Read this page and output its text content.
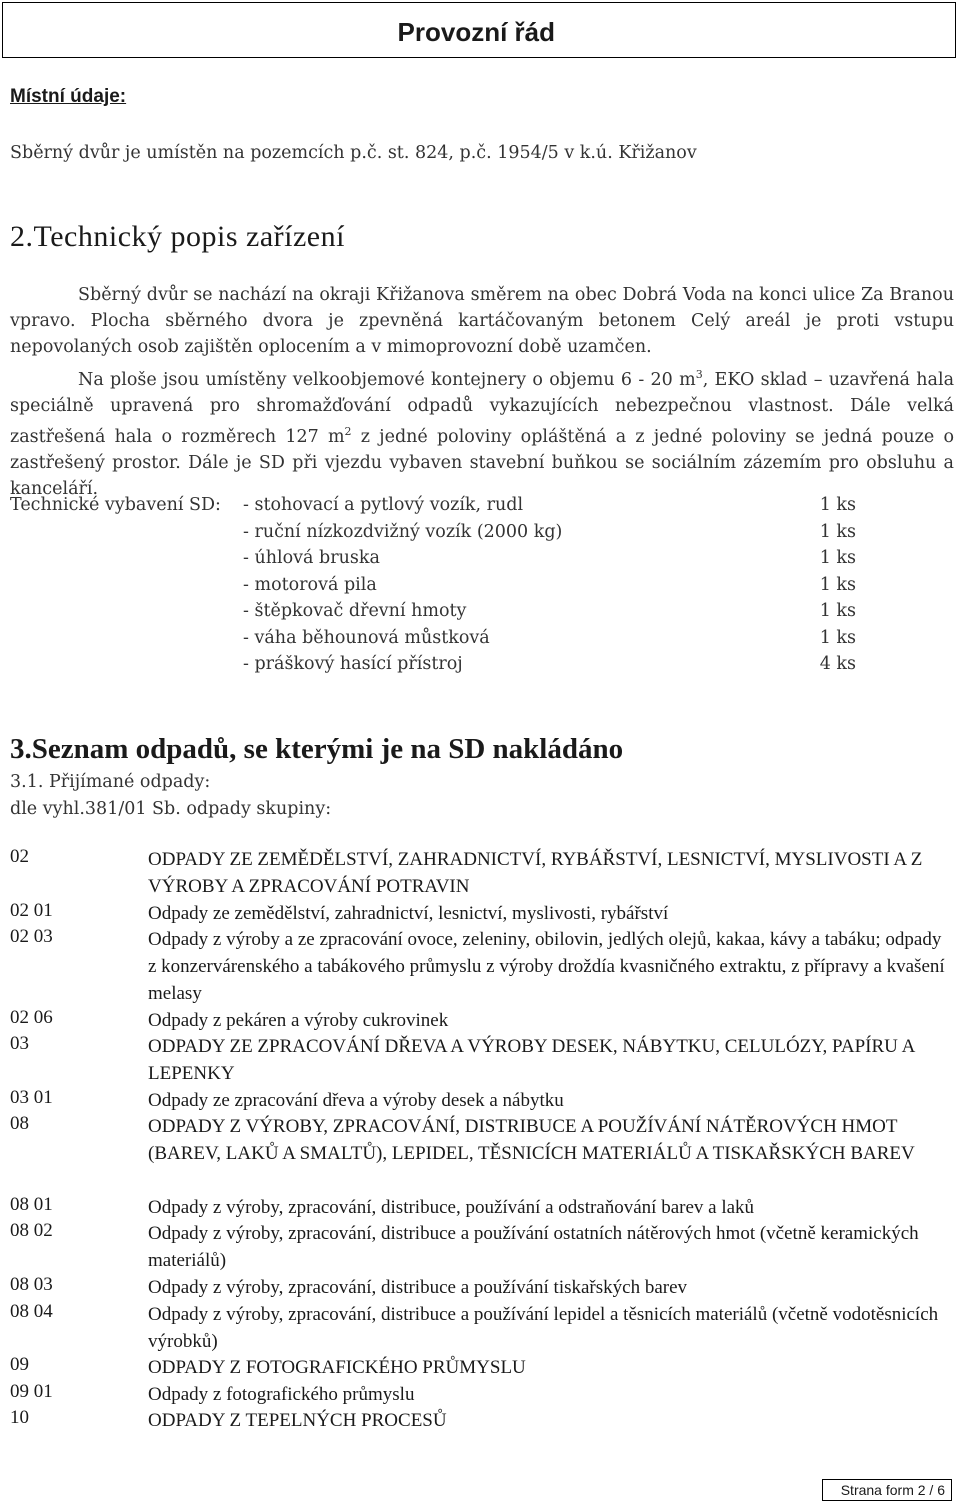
Provozní řád
Místní údaje:
Sběrný dvůr je umístěn na pozemcích p.č. st. 824, p.č. 1954/5 v k.ú. Křižanov
2.Technický popis zařízení
Sběrný dvůr se nachází na okraji Křižanova směrem na obec Dobrá Voda na konci ulice Za Branou vpravo. Plocha sběrného dvora je zpevněná kartáčovaným betonem Celý areál je proti vstupu nepovolaných osob zajištěn oplocením a v mimoprovozní době uzamčen.
Na ploše jsou umístěny velkoobjemové kontejnery o objemu 6 - 20 $m^3$, EKO sklad – uzavřená hala speciálně upravená pro shromažďování odpadů vykazujících nebezpečnou vlastnost. Dále velká zastřešená hala o rozměrech 127 $m^2$ z jedné poloviny opláštěná a z jedné poloviny se jedná pouze o zastřešený prostor. Dále je SD při vjezdu vybaven stavební buňkou se sociálním zázemím pro obsluhu a kanceláří.
Technické vybavení SD: - stohovací a pytlový vozík, rudl	1 ks
- ruční nízkozdvižný vozík (2000 kg)	1 ks
- úhlová bruska	1 ks
- motorová pila	1 ks
- štěpkovač dřevní hmoty	1 ks
- váha běhounová můstková	1 ks
- práškový hasící přístroj	4 ks
3.Seznam odpadů, se kterými je na SD nakládáno
3.1. Přijímané odpady:
dle vyhl.381/01 Sb. odpady skupiny:
02	ODPADY ZE ZEMĚDĚLSTVÍ, ZAHRADNICTVÍ, RYBÁŘSTVÍ, LESNICTVÍ, MYSLIVOSTI A Z VÝROBY A ZPRACOVÁNÍ POTRAVIN
02 01	Odpady ze zemědělství, zahradnictví, lesnictví, myslivosti, rybářství
02 03	Odpady z výroby a ze zpracování ovoce, zeleniny, obilovin, jedlých olejů, kakaa, kávy a tabáku; odpady z konzervárenského a tabákového průmyslu z výroby droždía kvasničného extraktu, z přípravy a kvašení melasy
02 06	Odpady z pekáren a výroby cukrovinek
03	ODPADY ZE ZPRACOVÁNÍ DŘEVA A VÝROBY DESEK, NÁBYTKU, CELULÓZY, PAPÍRU A LEPENKY
03 01	Odpady ze zpracování dřeva a výroby desek a nábytku
08	ODPADY Z VÝROBY, ZPRACOVÁNÍ, DISTRIBUCE A POUŽÍVÁNÍ NÁTĚROVÝCH HMOT (BAREV, LAKŮ A SMALTŮ), LEPIDEL, TĚSNICÍCH MATERIÁLŮ A TISKAŘSKÝCH BAREV
08 01	Odpady z výroby, zpracování, distribuce, používání a odstraňování barev a laků
08 02	Odpady z výroby, zpracování, distribuce a používání ostatních nátěrových hmot (včetně keramických materiálů)
08 03	Odpady z výroby, zpracování, distribuce a používání tiskařských barev
08 04	Odpady z výroby, zpracování, distribuce a používání lepidel a těsnicích materiálů (včetně vodotěsnicích výrobků)
09	ODPADY Z FOTOGRAFICKÉHO PRŮMYSLU
09 01	Odpady z fotografického průmyslu
10	ODPADY Z TEPELNÝCH PROCESŮ
Strana form 2 / 6
